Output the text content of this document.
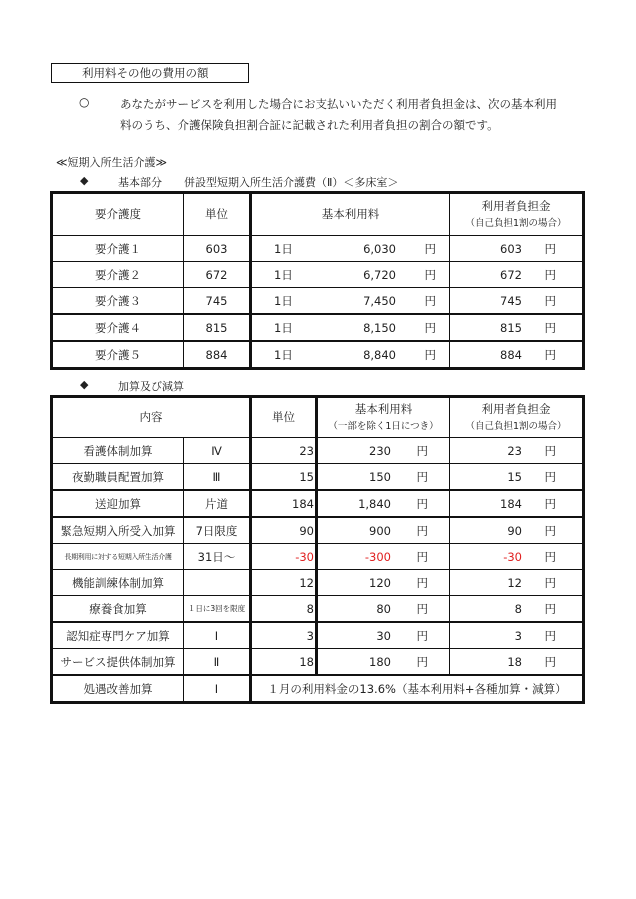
利用料その他の費用の額
○	あなたがサービスを利用した場合にお支払いいただく利用者負担金は、次の基本利用
料のうち、介護保険負担割合証に記載された利用者負担の割合の額です。
≪短期入所生活介護≫
◆	基本部分 併設型短期入所生活介護費（Ⅱ）＜多床室＞
要介護度	単位	基本利用料	利用者負担金
（自己負担1割の場合）

要介護１	603	1日 6,030 円	603 円

要介護２	672	1日 6,720 円	672 円

要介護３	745	1日 7,450 円	745 円

要介護４	815	1日 8,150 円	815 円

要介護５	884	1日 8,840 円	884 円
◆	加算及び減算
内容	単位	
基本利用料
（一部を除く1日につき）

利用者負担金
（自己負担1割の場合）

看護体制加算	Ⅳ	23	230 円	23 円

夜勤職員配置加算	Ⅲ	15	150 円	15 円

送迎加算	片道	184	1,840 円	184 円

緊急短期入所受入加算	7日限度	90	900 円	90 円

長期利用に対する短期入所生活介護	31日〜	-30	-300 円	-30 円

機能訓練体制加算		12	120 円	12 円

療養食加算	１日に3回を限度	8	80 円	8 円

認知症専門ケア加算	Ⅰ	3	30 円	3 円

サービス提供体制加算	Ⅱ	18	180 円	18 円

処遇改善加算	Ⅰ	１月の利用料金の13.6%（基本利用料+各種加算・減算）		
